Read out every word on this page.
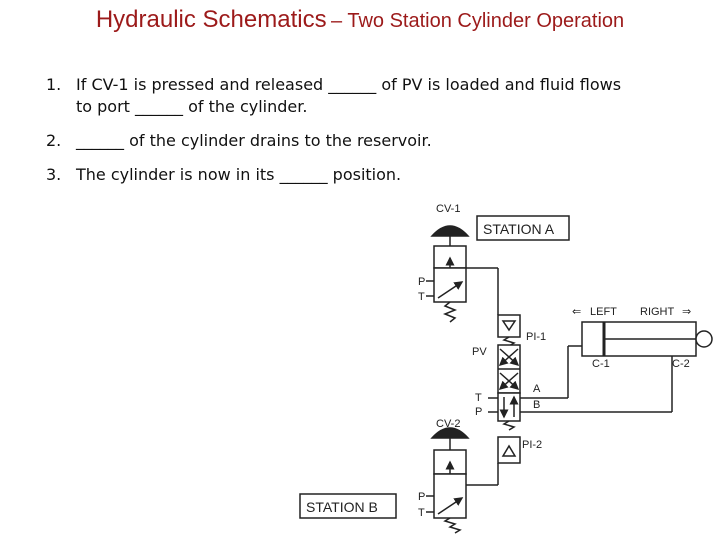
Hydraulic Schematics – Two Station Cylinder Operation
1. If CV-1 is pressed and released ______ of PV is loaded and fluid flows
to port ______ of the cylinder.
2. ______ of the cylinder drains to the reservoir.
3. The cylinder is now in its ______ position.
CV-1
STATION A
P
T
PI-1
PV
T
P
A
B
CV-2
PI-2
STATION B
P
T
⇐ LEFT RIGHT ⇒
C-1	C-2
